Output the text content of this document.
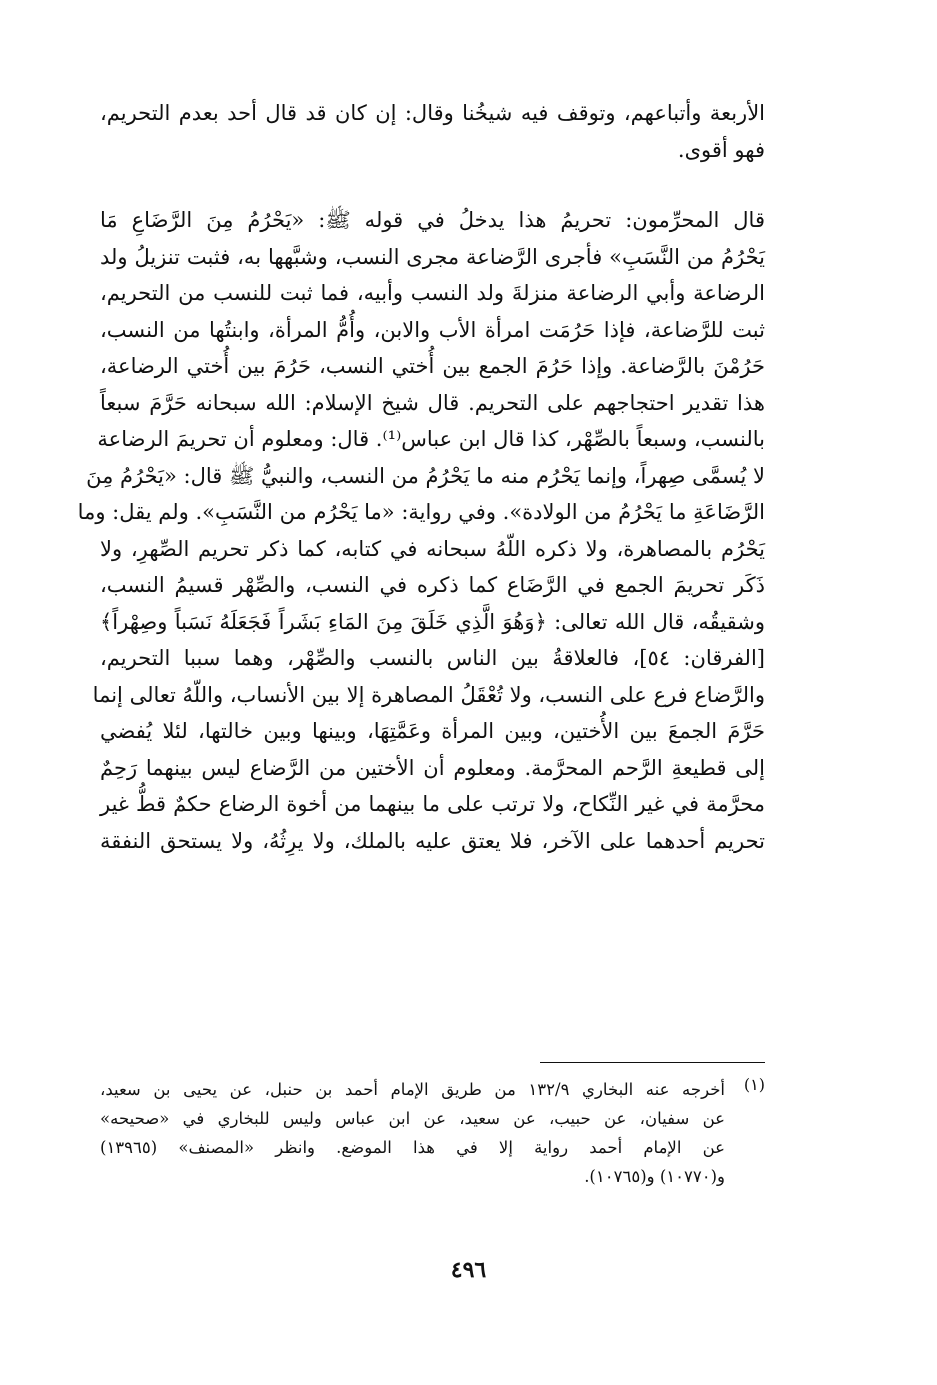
الأربعة وأتباعهم، وتوقف فيه شيخُنا وقال: إن كان قد قال أحد بعدم التحريم،
فهو أقوى.
قال المحرِّمون: تحريمُ هذا يدخلُ في قوله ﷺ: «يَحْرُمُ مِنَ الرَّضَاعِ مَا
يَحْرُمُ من النَّسَبِ» فأجرى الرَّضاعة مجرى النسب، وشبَّهها به، فثبت تنزيلُ ولد
الرضاعة وأبي الرضاعة منزلةَ ولد النسب وأبيه، فما ثبت للنسب من التحريم،
ثبت للرَّضاعة، فإذا حَرُمَت امرأة الأب والابن، وأُمُّ المرأة، وابنتُها من النسب،
حَرُمْنَ بالرَّضاعة. وإذا حَرُمَ الجمع بين أُختي النسب، حَرُمَ بين أُختي الرضاعة،
هذا تقدير احتجاجهم على التحريم. قال شيخ الإسلام: الله سبحانه حَرَّمَ سبعاً
بالنسب، وسبعاً بالصِّهْر، كذا قال ابن عباس⁽¹⁾. قال: ومعلوم أن تحريمَ الرضاعة
لا يُسمَّى صِهراً، وإنما يَحْرُم منه ما يَحْرُمُ من النسب، والنبيُّ ﷺ قال: «يَحْرُمُ مِنَ
الرَّضَاعَةِ ما يَحْرُمُ من الولادة». وفي رواية: «ما يَحْرُم من النَّسَبِ». ولم يقل: وما
يَحْرُم بالمصاهرة، ولا ذكره اللّهُ سبحانه في كتابه، كما ذكر تحريم الصِّهرِ، ولا
ذَكَر تحريمَ الجمع في الرَّضَاع كما ذكره في النسب، والصِّهْر قسيمُ النسب،
وشقيقُه، قال الله تعالى: ﴿وَهُوَ الَّذِي خَلَقَ مِنَ المَاءِ بَشَراً فَجَعَلَهُ نَسَباً وصِهْراً﴾
[الفرقان: ٥٤]، فالعلاقةُ بين الناس بالنسب والصِّهْر، وهما سببا التحريم،
والرَّضاع فرع على النسب، ولا تُعْقَلُ المصاهرة إلا بين الأنساب، واللّهُ تعالى إنما
حَرَّمَ الجمعَ بين الأُختين، وبين المرأة وعَمَّتِهَا، وبينها وبين خالتها، لئلا يُفضي
إلى قطيعةِ الرَّحم المحرَّمة. ومعلوم أن الأختين من الرَّضاع ليس بينهما رَحِمٌ
محرَّمة في غير النِّكاح، ولا ترتب على ما بينهما من أخوة الرضاع حكمٌ قطُّ غير
تحريم أحدهما على الآخر، فلا يعتق عليه بالملك، ولا يرِثُهُ، ولا يستحق النفقة
(١)
أخرجه عنه البخاري ١٣٢/٩ من طريق الإمام أحمد بن حنبل، عن يحيى بن سعيد،
عن سفيان، عن حبيب، عن سعيد، عن ابن عباس وليس للبخاري في «صحيحه»
عن الإمام أحمد رواية إلا في هذا الموضع. وانظر «المصنف» (١٣٩٦٥)
و(١٠٧٧٠) و(١٠٧٦٥).
٤٩٦
